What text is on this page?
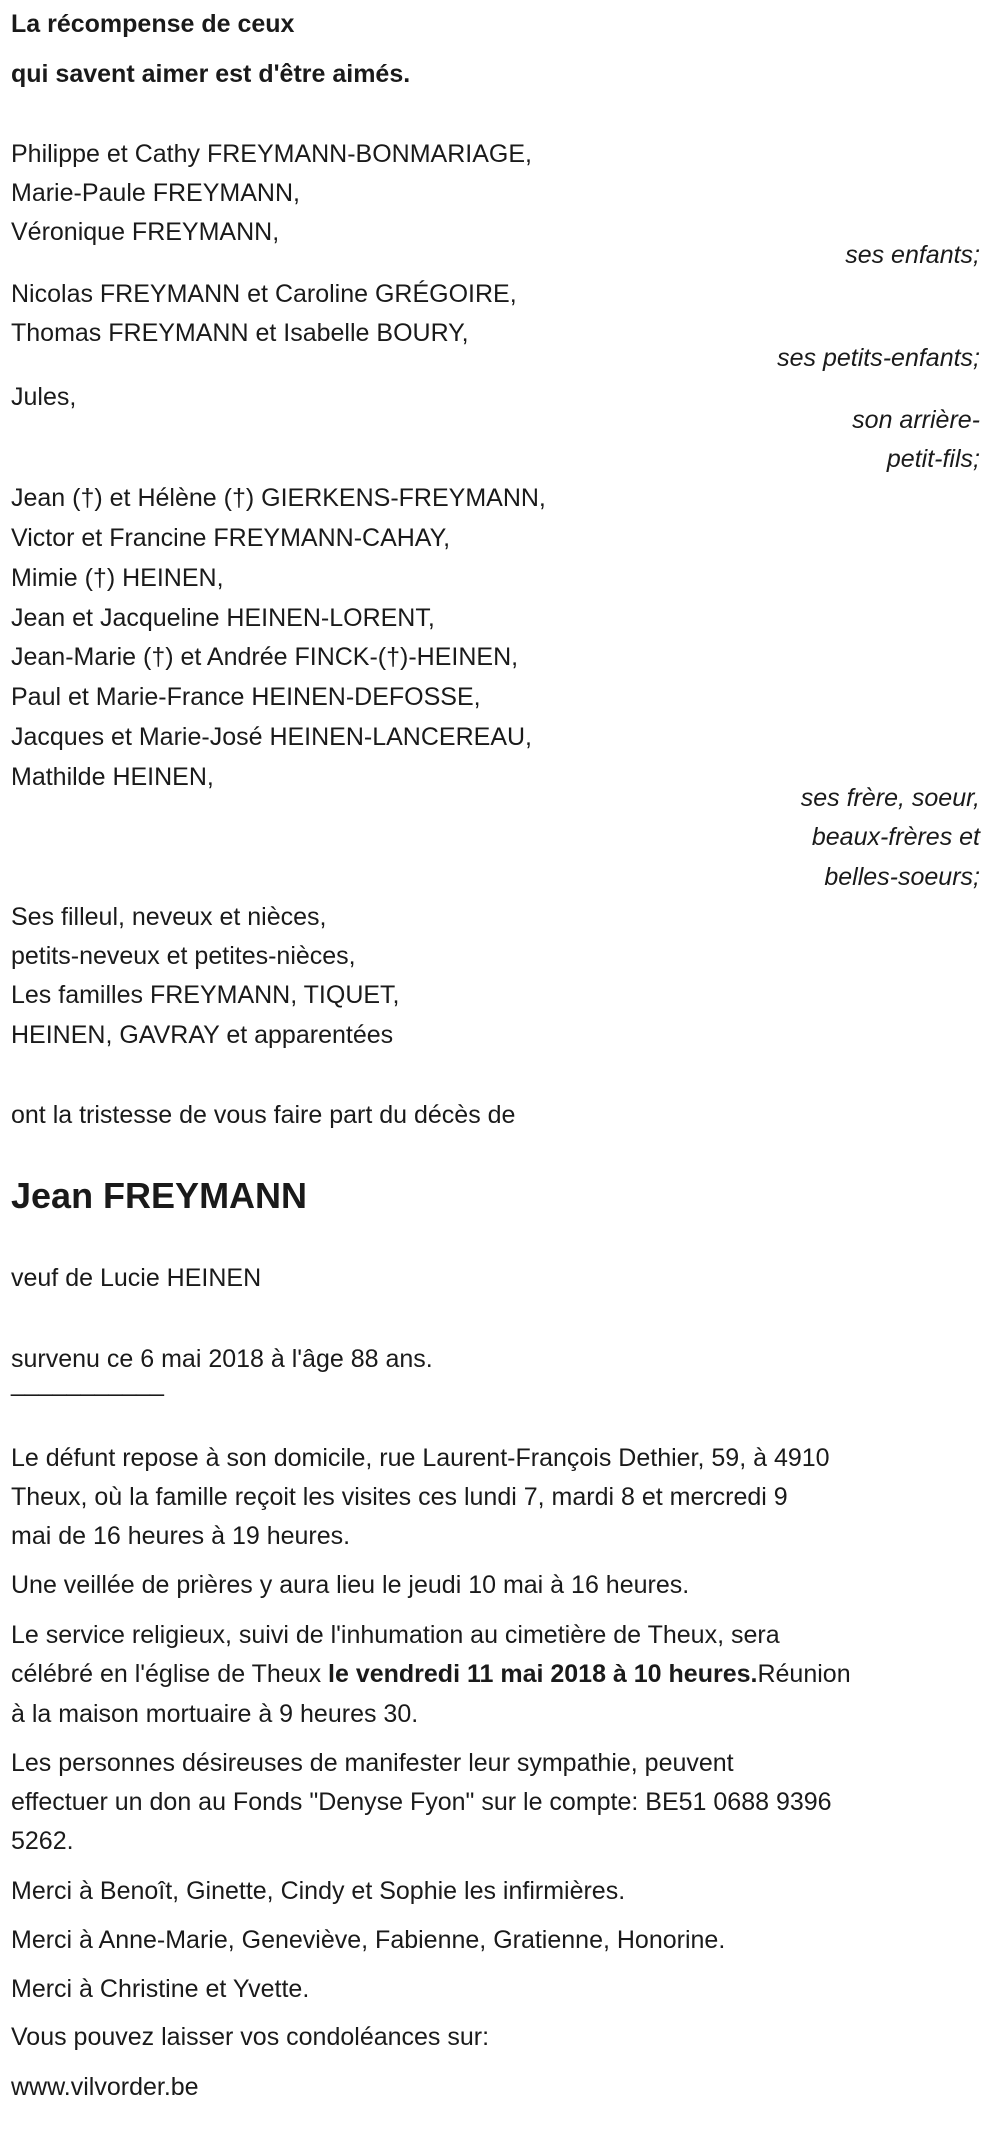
La récompense de ceux
qui savent aimer est d'être aimés.
Philippe et Cathy FREYMANN-BONMARIAGE,
Marie-Paule FREYMANN,
Véronique FREYMANN,
ses enfants;
Nicolas FREYMANN et Caroline GRÉGOIRE,
Thomas FREYMANN et Isabelle BOURY,
ses petits-enfants;
Jules,
son arrière-
petit-fils;
Jean (†) et Hélène (†) GIERKENS-FREYMANN,
Victor et Francine FREYMANN-CAHAY,
Mimie (†) HEINEN,
Jean et Jacqueline HEINEN-LORENT,
Jean-Marie (†) et Andrée FINCK-(†)-HEINEN,
Paul et Marie-France HEINEN-DEFOSSE,
Jacques et Marie-José HEINEN-LANCEREAU,
Mathilde HEINEN,
ses frère, soeur,
beaux-frères et
belles-soeurs;
Ses filleul, neveux et nièces,
petits-neveux et petites-nièces,
Les familles FREYMANN, TIQUET,
HEINEN, GAVRAY et apparentées
ont la tristesse de vous faire part du décès de
Jean FREYMANN
veuf de Lucie HEINEN
survenu ce 6 mai 2018 à l'âge 88 ans.
___________
Le défunt repose à son domicile, rue Laurent-François Dethier, 59, à 4910
Theux, où la famille reçoit les visites ces lundi 7, mardi 8 et mercredi 9
mai de 16 heures à 19 heures.
Une veillée de prières y aura lieu le jeudi 10 mai à 16 heures.
Le service religieux, suivi de l'inhumation au cimetière de Theux, sera
célébré en l'église de Theux le vendredi 11 mai 2018 à 10 heures.Réunion
à la maison mortuaire à 9 heures 30.
Les personnes désireuses de manifester leur sympathie, peuvent
effectuer un don au Fonds "Denyse Fyon" sur le compte: BE51 0688 9396
5262.
Merci à Benoît, Ginette, Cindy et Sophie les infirmières.
Merci à Anne-Marie, Geneviève, Fabienne, Gratienne, Honorine.
Merci à Christine et Yvette.
Vous pouvez laisser vos condoléances sur:
www.vilvorder.be
